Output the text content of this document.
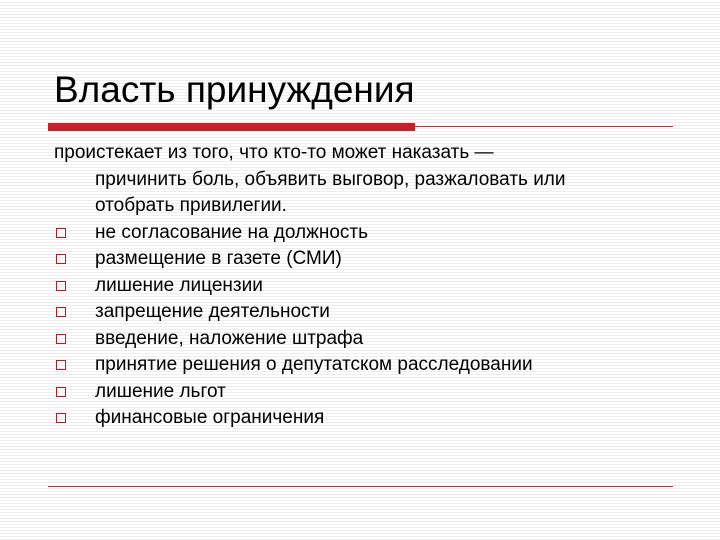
Власть принуждения

проистекает из того, что кто-то может наказать —
причинить боль, объявить выговор, разжаловать или
отобрать привилегии.

не согласование на должность
размещение в газете (СМИ)
лишение лицензии
запрещение деятельности
введение, наложение штрафа
принятие решения о депутатском расследовании
лишение льгот
финансовые ограничения
